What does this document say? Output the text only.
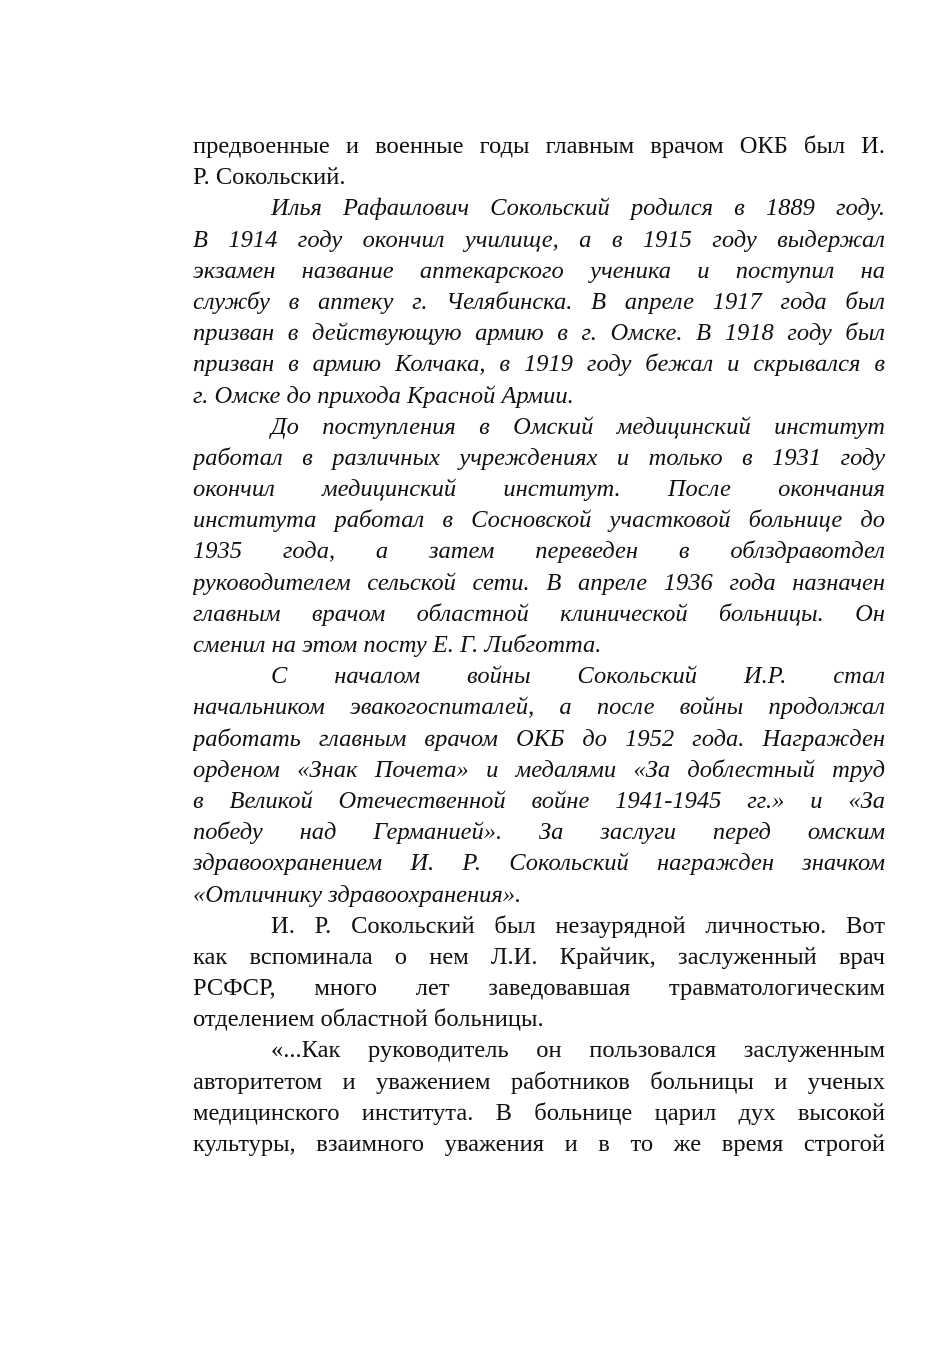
предвоенные и военные годы главным врачом ОКБ был И.
Р. Сокольский.
Илья Рафаилович Сокольский родился в 1889 году.
В 1914 году окончил училище, а в 1915 году выдержал
экзамен название аптекарского ученика и поступил на
службу в аптеку г. Челябинска. В апреле 1917 года был
призван в действующую армию в г. Омске. В 1918 году был
призван в армию Колчака, в 1919 году бежал и скрывался в
г. Омске до прихода Красной Армии.
До поступления в Омский медицинский институт
работал в различных учреждениях и только в 1931 году
окончил медицинский институт. После окончания
института работал в Сосновской участковой больнице до
1935 года, а затем переведен в облздравотдел
руководителем сельской сети. В апреле 1936 года назначен
главным врачом областной клинической больницы. Он
сменил на этом посту Е. Г. Либготта.
С началом войны Сокольский И.Р. стал
начальником эвакогоспиталей, а после войны продолжал
работать главным врачом ОКБ до 1952 года. Награжден
орденом «Знак Почета» и медалями «За доблестный труд
в Великой Отечественной войне 1941-1945 гг.» и «За
победу над Германией». За заслуги перед омским
здравоохранением И. Р. Сокольский награжден значком
«Отличнику здравоохранения».
И. Р. Сокольский был незаурядной личностью. Вот
как вспоминала о нем Л.И. Крайчик, заслуженный врач
РСФСР, много лет заведовавшая травматологическим
отделением областной больницы.
«...Как руководитель он пользовался заслуженным
авторитетом и уважением работников больницы и ученых
медицинского института. В больнице царил дух высокой
культуры, взаимного уважения и в то же время строгой
